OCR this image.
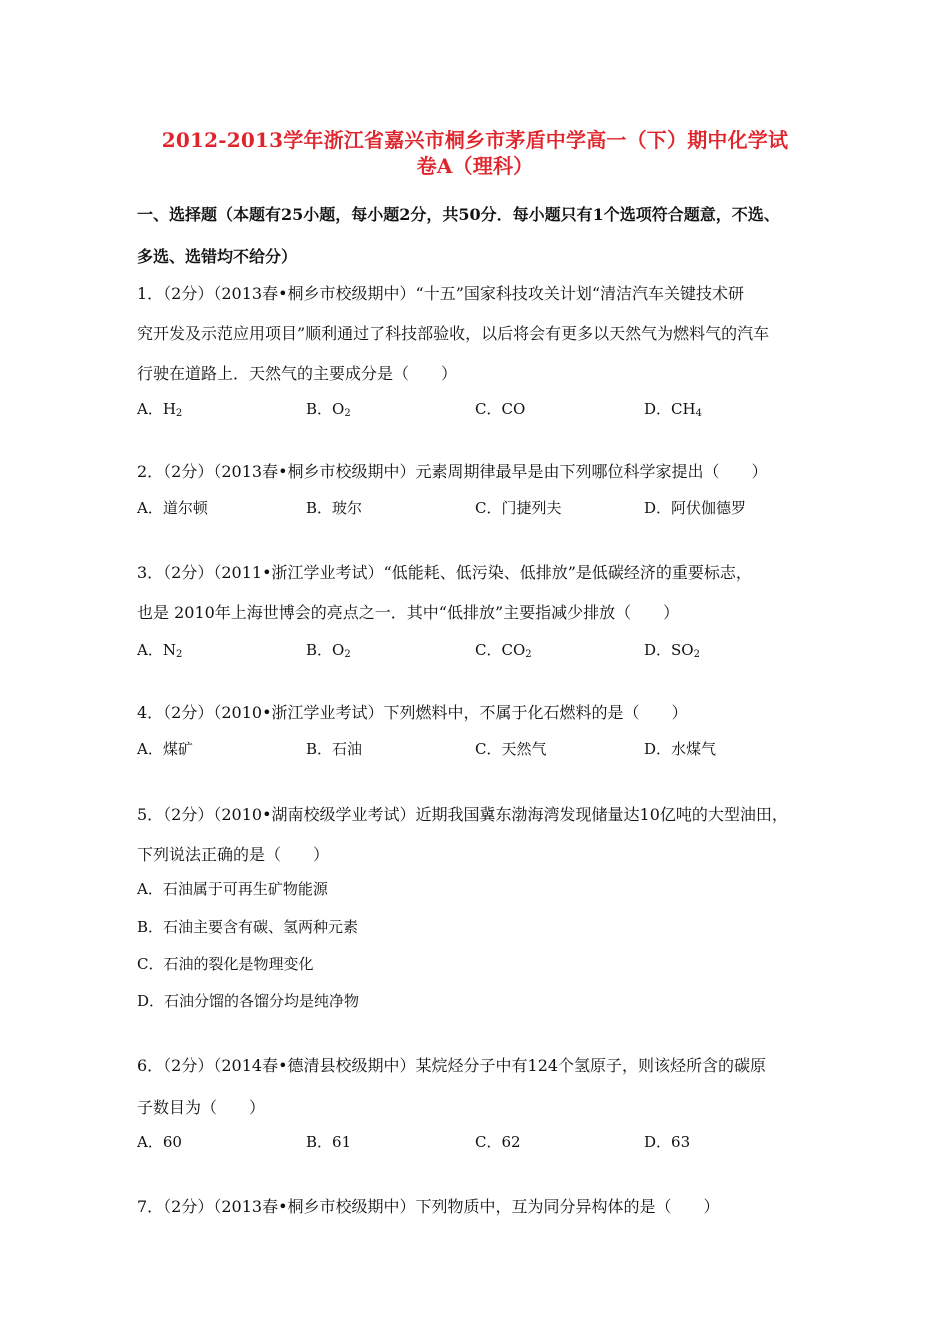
2012-2013学年浙江省嘉兴市桐乡市茅盾中学高一（下）期中化学试
卷A（理科）
一、选择题（本题有25小题，每小题2分，共50分．每小题只有1个选项符合题意，不选、
多选、选错均不给分）
1．（2分）（2013春•桐乡市校级期中）“十五”国家科技攻关计划“清洁汽车关键技术研
究开发及示范应用项目”顺利通过了科技部验收，以后将会有更多以天然气为燃料气的汽车
行驶在道路上．天然气的主要成分是（　　）
A．$H_2$	B．$O_2$	C．CO	D．$CH_4$
2．（2分）（2013春•桐乡市校级期中）元素周期律最早是由下列哪位科学家提出（　　）
A．道尔顿	B．玻尔	C．门捷列夫	D．阿伏伽德罗
3．（2分）（2011•浙江学业考试）“低能耗、低污染、低排放”是低碳经济的重要标志，
也是 2010年上海世博会的亮点之一．其中“低排放”主要指减少排放（　　）
A．$N_2$	B．$O_2$	C．$CO_2$	D．$SO_2$
4．（2分）（2010•浙江学业考试）下列燃料中，不属于化石燃料的是（　　）
A．煤矿	B．石油	C．天然气	D．水煤气
5．（2分）（2010•湖南校级学业考试）近期我国冀东渤海湾发现储量达10亿吨的大型油田，
下列说法正确的是（　　）
A．石油属于可再生矿物能源
B．石油主要含有碳、氢两种元素
C．石油的裂化是物理变化
D．石油分馏的各馏分均是纯净物
6．（2分）（2014春•德清县校级期中）某烷烃分子中有124个氢原子，则该烃所含的碳原
子数目为（　　）
A．60	B．61	C．62	D．63
7．（2分）（2013春•桐乡市校级期中）下列物质中，互为同分异构体的是（　　）
